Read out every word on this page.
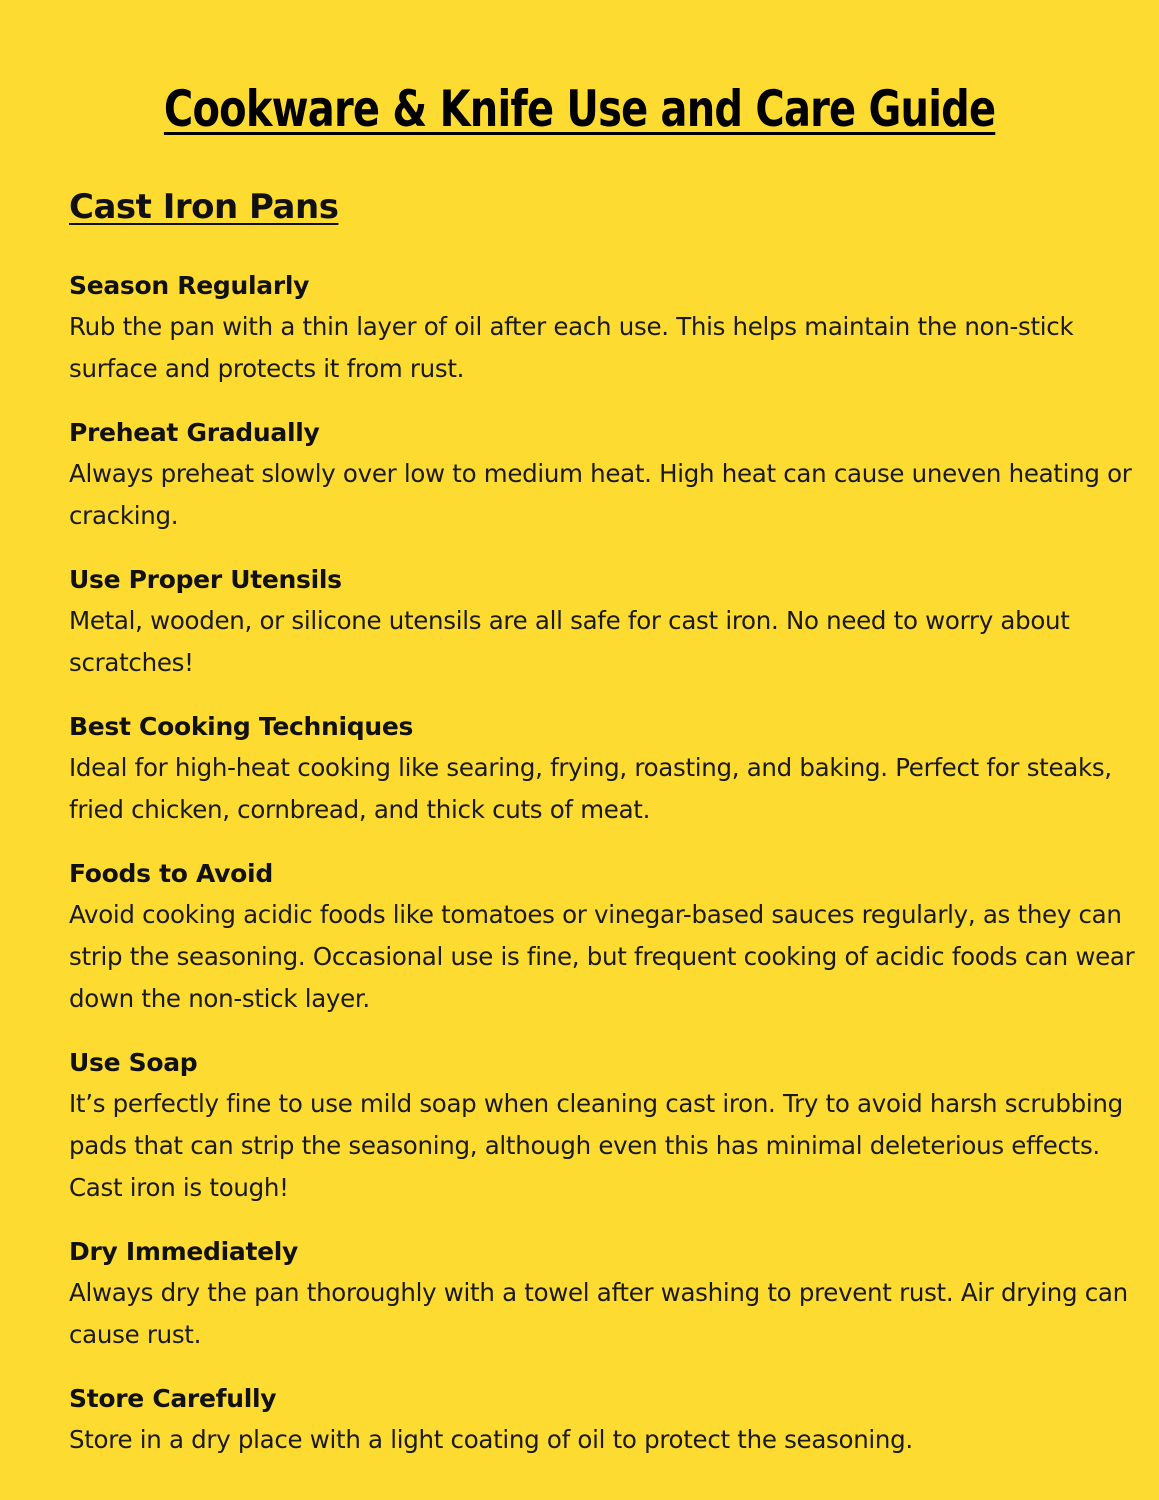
Cookware & Knife Use and Care Guide
Cast Iron Pans
Season Regularly
Rub the pan with a thin layer of oil after each use. This helps maintain the non-stick surface and protects it from rust.
Preheat Gradually
Always preheat slowly over low to medium heat. High heat can cause uneven heating or cracking.
Use Proper Utensils
Metal, wooden, or silicone utensils are all safe for cast iron. No need to worry about scratches!
Best Cooking Techniques
Ideal for high-heat cooking like searing, frying, roasting, and baking. Perfect for steaks, fried chicken, cornbread, and thick cuts of meat.
Foods to Avoid
Avoid cooking acidic foods like tomatoes or vinegar-based sauces regularly, as they can strip the seasoning. Occasional use is fine, but frequent cooking of acidic foods can wear down the non-stick layer.
Use Soap
It’s perfectly fine to use mild soap when cleaning cast iron. Try to avoid harsh scrubbing pads that can strip the seasoning, although even this has minimal deleterious effects. Cast iron is tough!
Dry Immediately
Always dry the pan thoroughly with a towel after washing to prevent rust. Air drying can cause rust.
Store Carefully
Store in a dry place with a light coating of oil to protect the seasoning.
